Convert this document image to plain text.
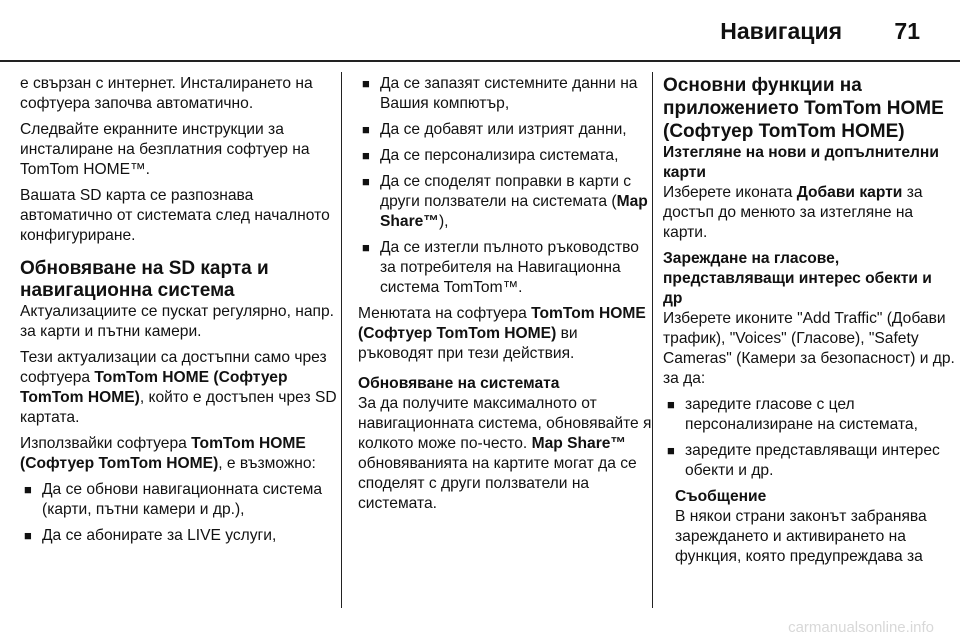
Навигация 71

е свързан с интернет. Инсталирането на софтуера започва автоматично.

Следвайте екранните инструкции за инсталиране на безплатния софтуер на TomTom HOME™.

Вашата SD карта се разпознава автоматично от системата след началното конфигуриране.

Обновяване на SD карта и навигационна система

Актуализациите се пускат регулярно, напр. за карти и пътни камери.

Тези актуализации са достъпни само чрез софтуера TomTom HOME (Софтуер TomTom HOME), който е достъпен чрез SD картата.

Използвайки софтуера TomTom HOME (Софтуер TomTom HOME), е възможно:

■ Да се обнови навигационната система (карти, пътни камери и др.),
■ Да се абонирате за LIVE услуги,
■ Да се запазят системните данни на Вашия компютър,
■ Да се добавят или изтрият данни,
■ Да се персонализира системата,
■ Да се споделят поправки в карти с други ползватели на системата (Map Share™),
■ Да се изтегли пълното ръководство за потребителя на Навигационна система TomTom™.

Менютата на софтуера TomTom HOME (Софтуер TomTom HOME) ви ръководят при тези действия.

Обновяване на системата

За да получите максималното от навигационната система, обновявайте я колкото може по-често. Map Share™ обновяванията на картите могат да се споделят с други ползватели на системата.

Основни функции на приложението TomTom HOME (Софтуер TomTom HOME)
Изтегляне на нови и допълнителни карти

Изберете иконата Добави карти за достъп до менюто за изтегляне на карти.

Зареждане на гласове, представляващи интерес обекти и др

Изберете иконите "Add Traffic" (Добави трафик), "Voices" (Гласове), "Safety Cameras" (Камери за безопасност) и др. за да:

■ заредите гласове с цел персонализиране на системата,
■ заредите представляващи интерес обекти и др.
Съобщение
В някои страни законът забранява зареждането и активирането на функция, която предупреждава за
carmanualsonline.info
